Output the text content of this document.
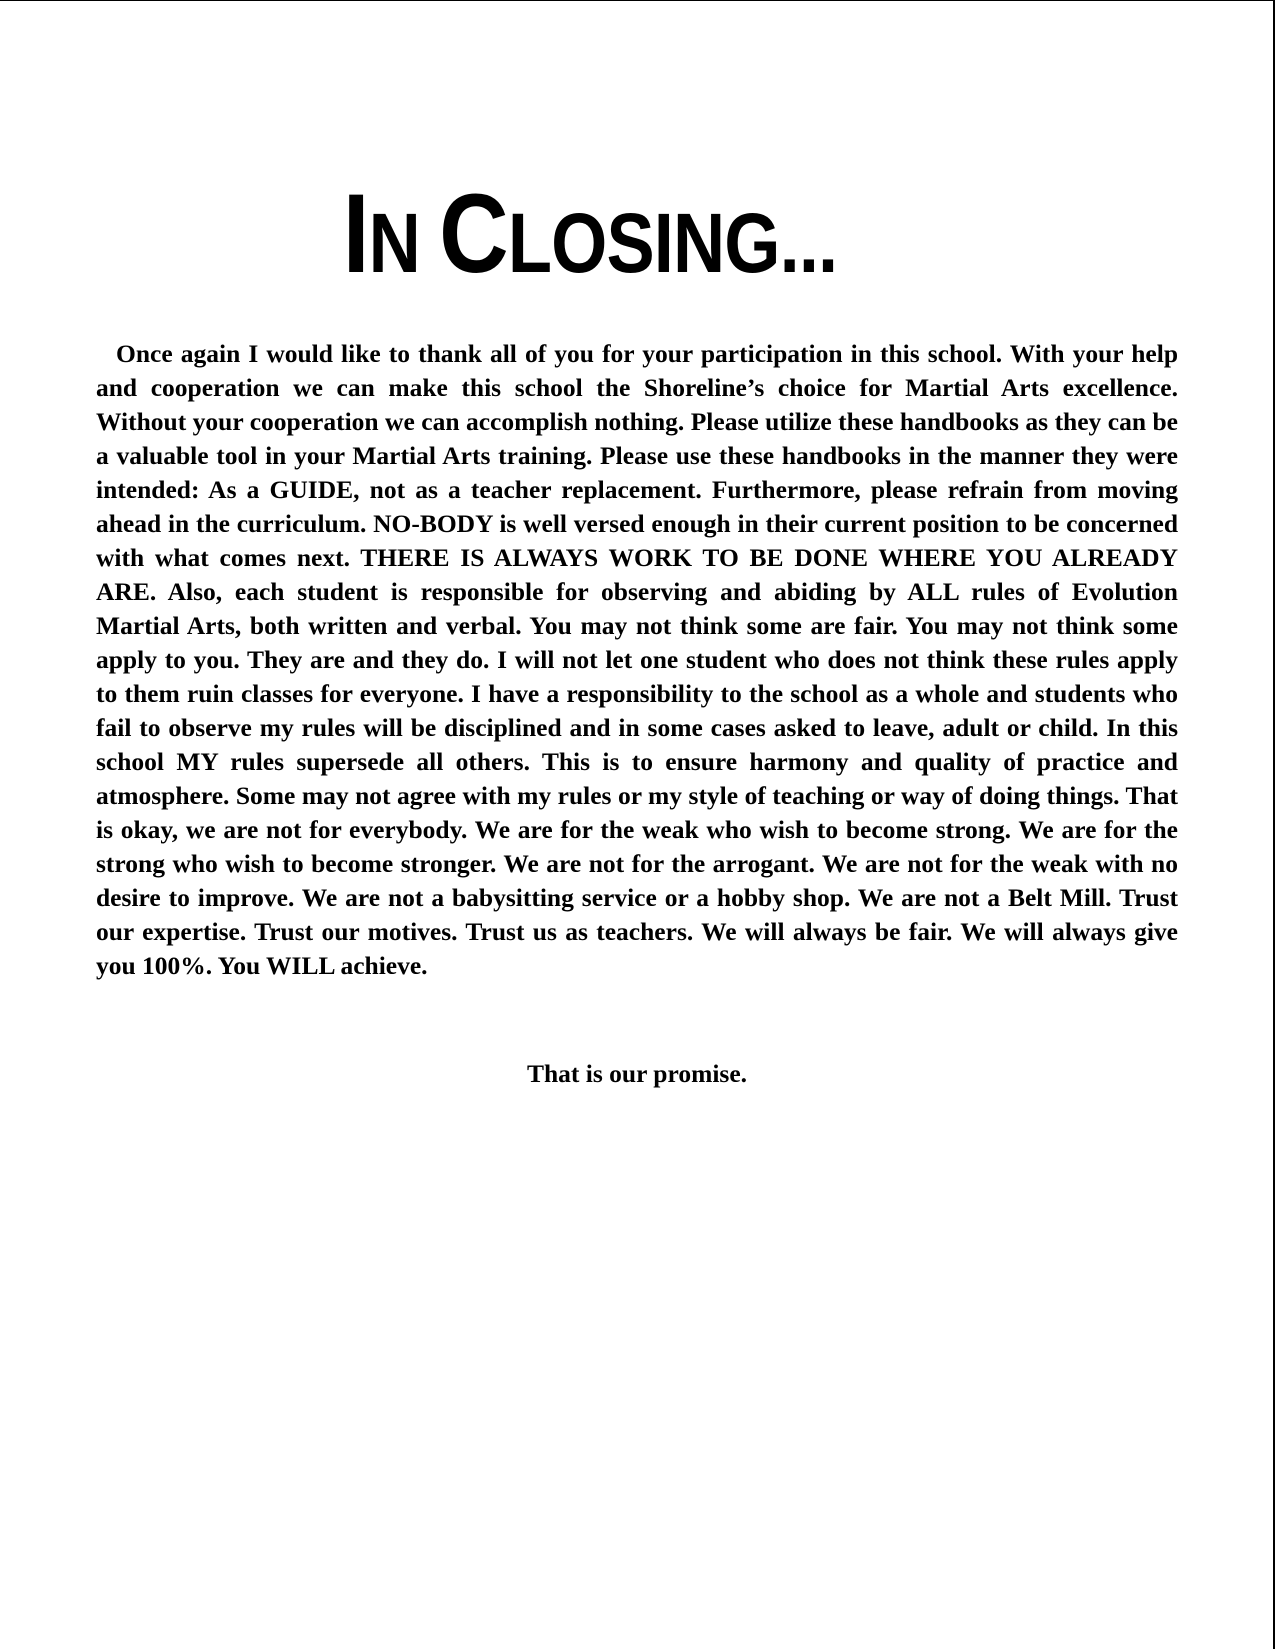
IN CLOSING...

Once again I would like to thank all of you for your participation in this school. With your help and cooperation we can make this school the Shoreline’s choice for Martial Arts excellence. Without your cooperation we can accomplish nothing. Please utilize these handbooks as they can be a valuable tool in your Martial Arts training. Please use these handbooks in the manner they were intended: As a GUIDE, not as a teacher replacement. Furthermore, please refrain from moving ahead in the curriculum. NO-BODY is well versed enough in their current position to be concerned with what comes next. THERE IS ALWAYS WORK TO BE DONE WHERE YOU ALREADY ARE. Also, each student is responsible for observing and abiding by ALL rules of Evolution Martial Arts, both written and verbal. You may not think some are fair. You may not think some apply to you. They are and they do. I will not let one student who does not think these rules apply to them ruin classes for everyone. I have a responsibility to the school as a whole and students who fail to observe my rules will be disciplined and in some cases asked to leave, adult or child. In this school MY rules supersede all others. This is to ensure harmony and quality of practice and atmosphere. Some may not agree with my rules or my style of teaching or way of doing things. That is okay, we are not for everybody. We are for the weak who wish to become strong. We are for the strong who wish to become stronger. We are not for the arrogant. We are not for the weak with no desire to improve. We are not a babysitting service or a hobby shop. We are not a Belt Mill. Trust our expertise. Trust our motives. Trust us as teachers. We will always be fair. We will always give you 100%. You WILL achieve.

That is our promise.
